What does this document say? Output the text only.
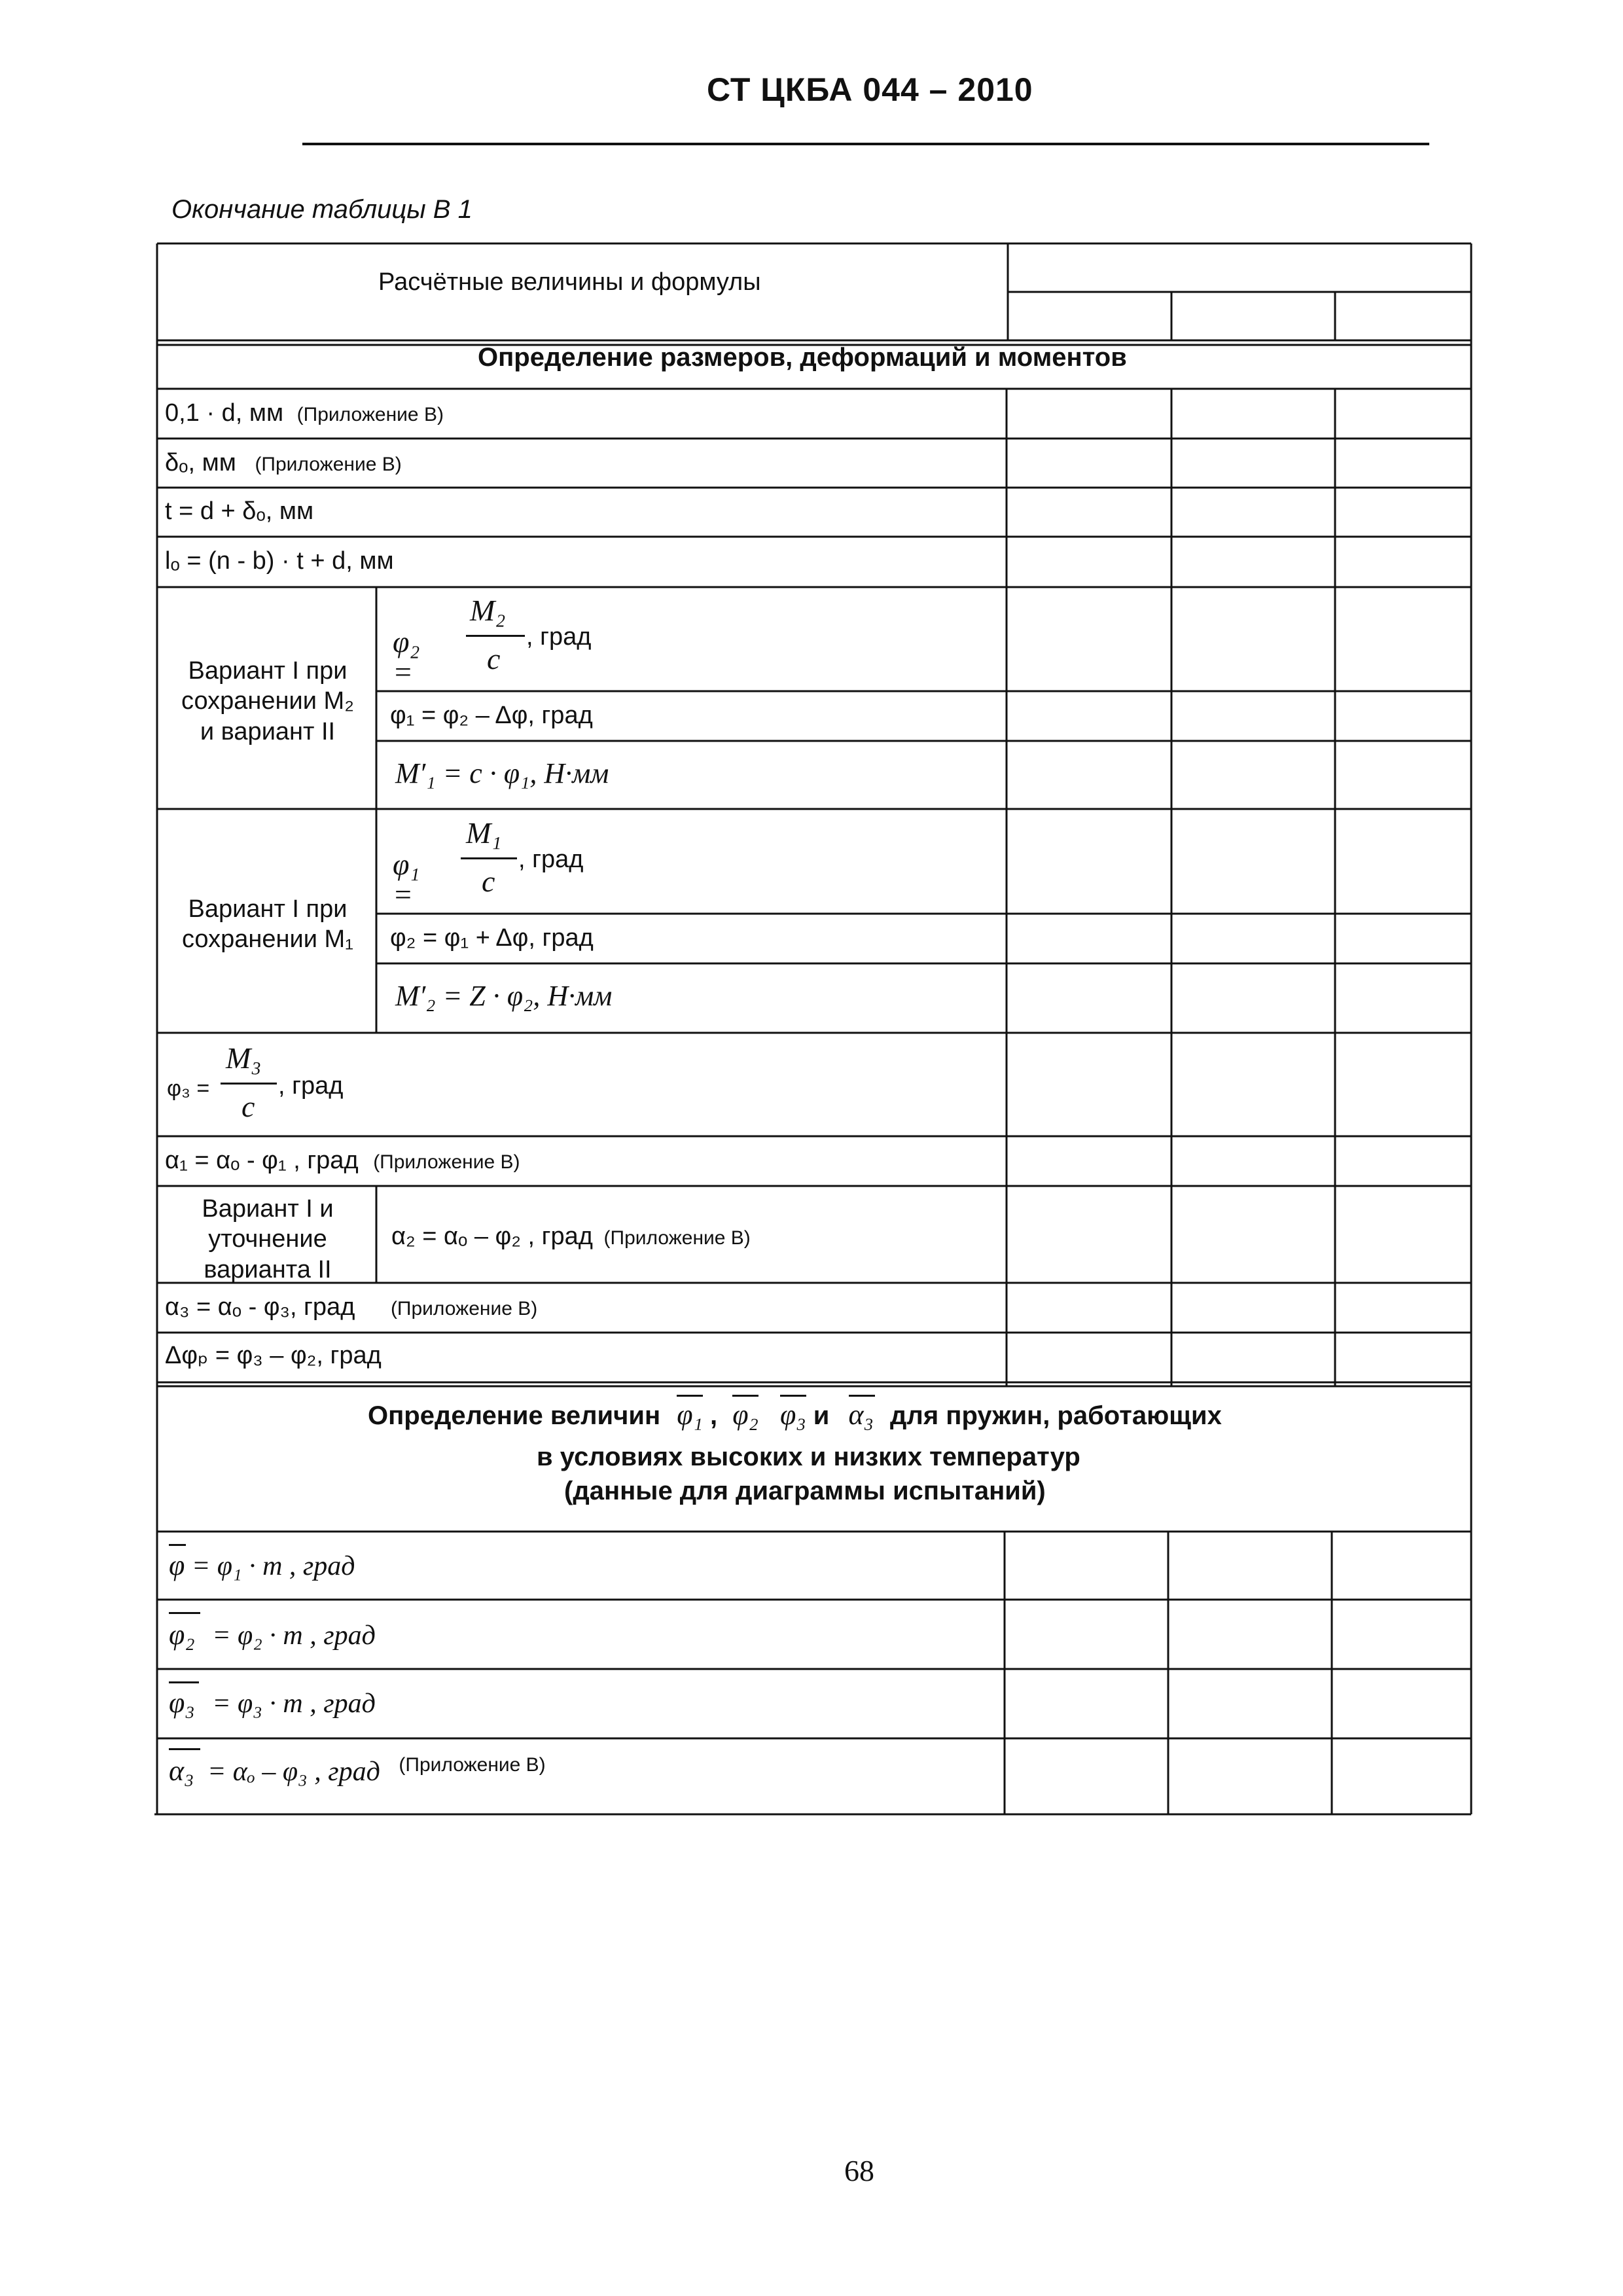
СТ ЦКБА 044 – 2010
Окончание таблицы В 1
Расчётные величины и формулы
Определение размеров, деформаций и моментов
0,1 · d, мм (Приложение В)
δₒ, мм (Приложение В)
t = d + δₒ, мм
lₒ = (n - b) · t + d, мм
Вариант I при
сохранении М₂
и вариант II
φ₂ =
M₂
c
, град
φ₁ = φ₂ – Δφ, град
M′₁ = c · φ₁, Н·мм
Вариант I при
сохранении М₁
φ₁ =
M₁
c
, град
φ₂ = φ₁ + Δφ, град
M′₂ = Z · φ₂, Н·мм
φ₃ =
M₃
c
, град
α₁ = αₒ - φ₁ , град (Приложение В)
Вариант I и
уточнение
варианта II
α₂ = αₒ – φ₂ , град (Приложение В)
α₃ = αₒ - φ₃, град (Приложение В)
Δφₚ = φ₃ – φ₂, град
Определение величин φ₁ , φ₂ φ₃ и α₃ для пружин, работающих
в условиях высоких и низких температур
(данные для диаграммы испытаний)
φ = φ₁ · m , град
φ₂ = φ₂ · m , град
φ₃ = φ₃ · m , град
α₃ = αₒ – φ₃ , град $^{(Приложение В)}$
68
